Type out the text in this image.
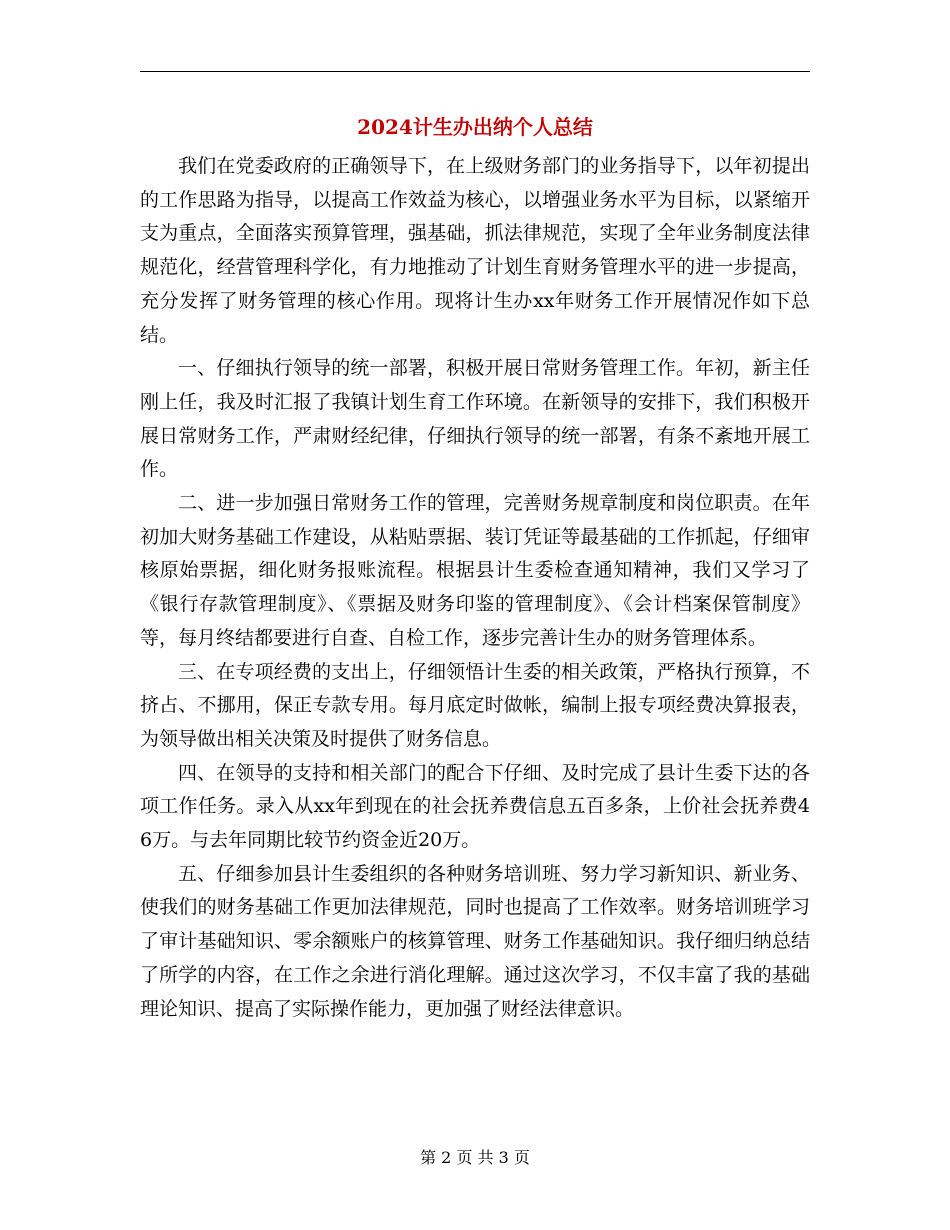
2024计生办出纳个人总结

我们在党委政府的正确领导下，在上级财务部门的业务指导下，以年初提出的工作思路为指导，以提高工作效益为核心，以增强业务水平为目标，以紧缩开支为重点，全面落实预算管理，强基础，抓法律规范，实现了全年业务制度法律规范化，经营管理科学化，有力地推动了计划生育财务管理水平的进一步提高，充分发挥了财务管理的核心作用。现将计生办xx年财务工作开展情况作如下总结。

一、仔细执行领导的统一部署，积极开展日常财务管理工作。年初，新主任刚上任，我及时汇报了我镇计划生育工作环境。在新领导的安排下，我们积极开展日常财务工作，严肃财经纪律，仔细执行领导的统一部署，有条不紊地开展工作。

二、进一步加强日常财务工作的管理，完善财务规章制度和岗位职责。在年初加大财务基础工作建设，从粘贴票据、装订凭证等最基础的工作抓起，仔细审核原始票据，细化财务报账流程。根据县计生委检查通知精神，我们又学习了《银行存款管理制度》、《票据及财务印鉴的管理制度》、《会计档案保管制度》等，每月终结都要进行自查、自检工作，逐步完善计生办的财务管理体系。

三、在专项经费的支出上，仔细领悟计生委的相关政策，严格执行预算，不挤占、不挪用，保正专款专用。每月底定时做帐，编制上报专项经费决算报表，为领导做出相关决策及时提供了财务信息。

四、在领导的支持和相关部门的配合下仔细、及时完成了县计生委下达的各项工作任务。录入从xx年到现在的社会抚养费信息五百多条，上价社会抚养费46万。与去年同期比较节约资金近20万。

五、仔细参加县计生委组织的各种财务培训班、努力学习新知识、新业务、使我们的财务基础工作更加法律规范，同时也提高了工作效率。财务培训班学习了审计基础知识、零余额账户的核算管理、财务工作基础知识。我仔细归纳总结了所学的内容，在工作之余进行消化理解。通过这次学习，不仅丰富了我的基础理论知识、提高了实际操作能力，更加强了财经法律意识。

第 2 页 共 3 页
